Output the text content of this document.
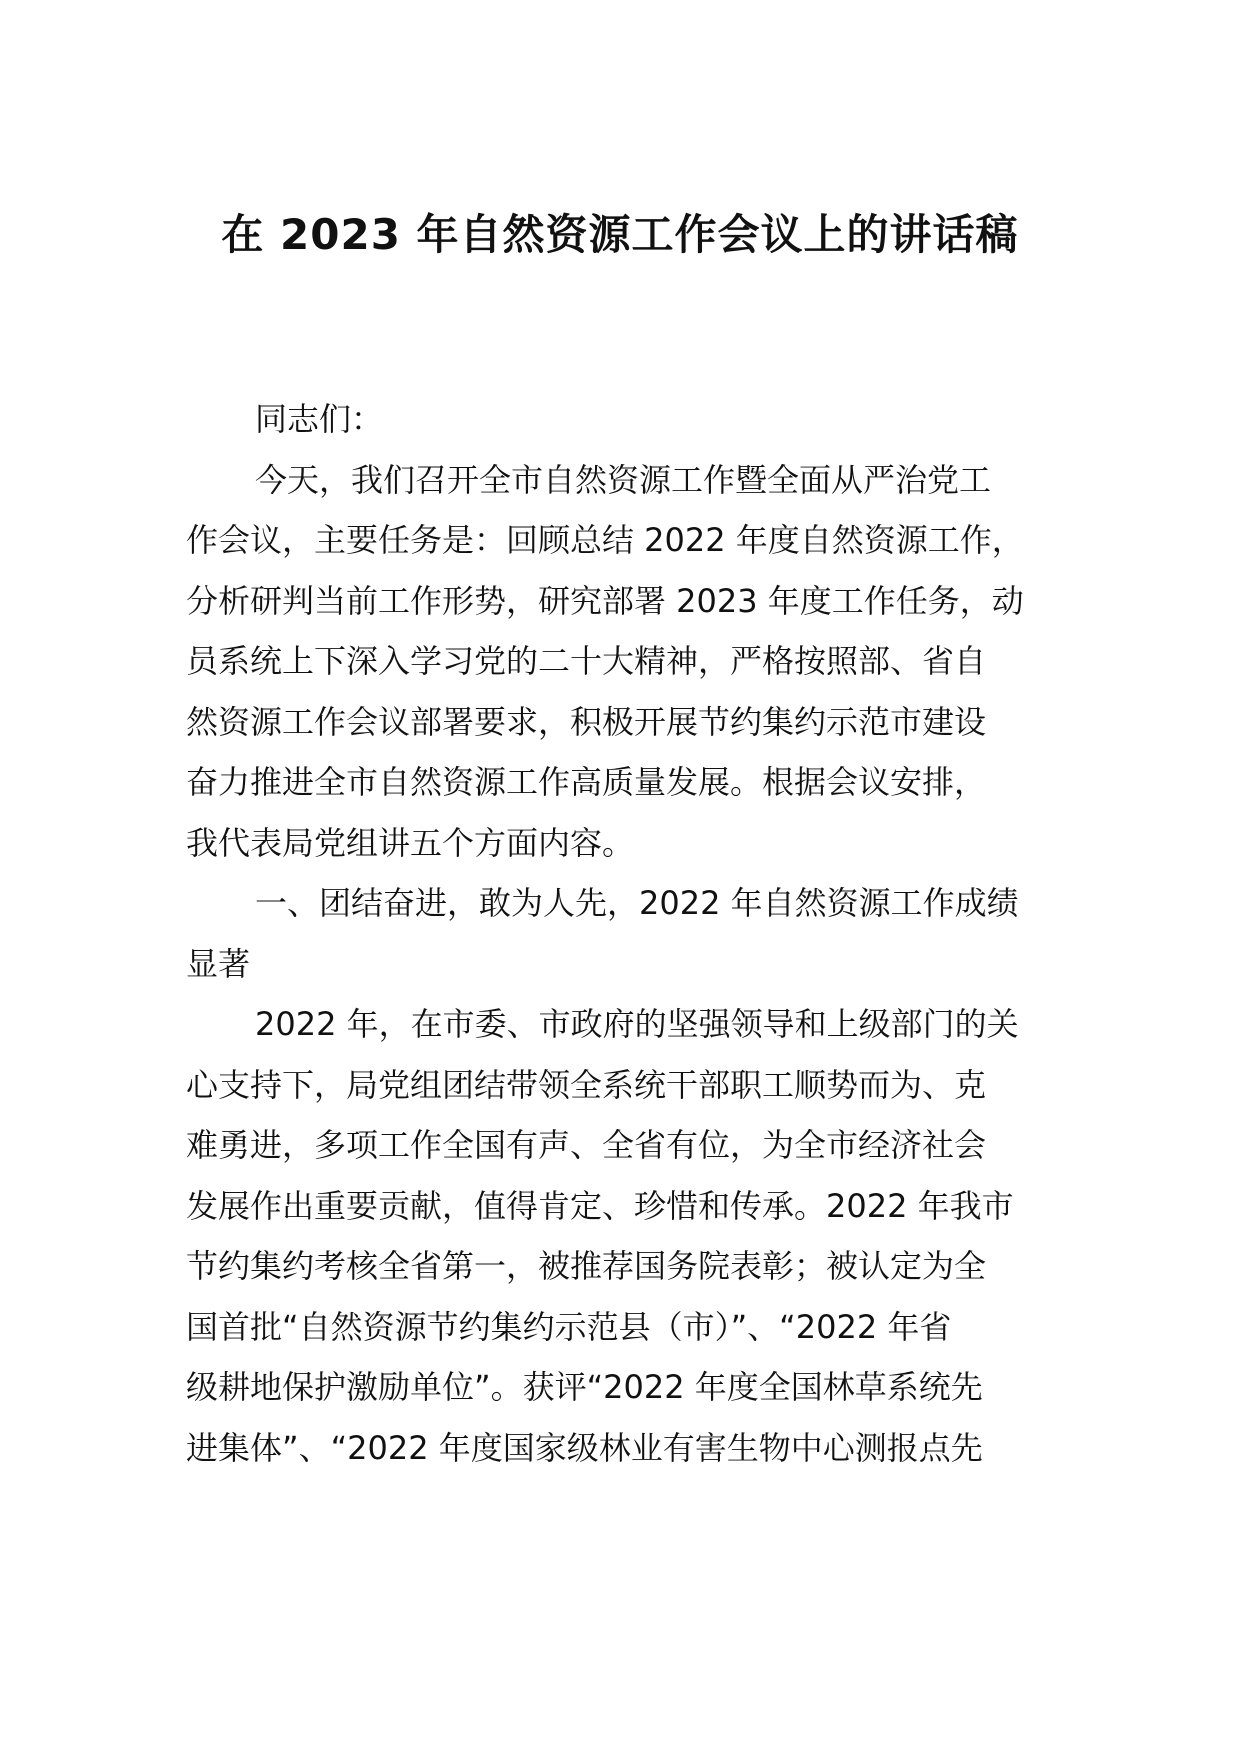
在 2023 年自然资源工作会议上的讲话稿

同志们：

今天，我们召开全市自然资源工作暨全面从严治党工

作会议，主要任务是：回顾总结 2022 年度自然资源工作，

分析研判当前工作形势，研究部署 2023 年度工作任务，动

员系统上下深入学习党的二十大精神，严格按照部、省自

然资源工作会议部署要求，积极开展节约集约示范市建设

奋力推进全市自然资源工作高质量发展。根据会议安排，

我代表局党组讲五个方面内容。

一、团结奋进，敢为人先，2022 年自然资源工作成绩

显著

2022 年，在市委、市政府的坚强领导和上级部门的关

心支持下，局党组团结带领全系统干部职工顺势而为、克

难勇进，多项工作全国有声、全省有位，为全市经济社会

发展作出重要贡献，值得肯定、珍惜和传承。2022 年我市

节约集约考核全省第一，被推荐国务院表彰；被认定为全

国首批“自然资源节约集约示范县（市）”、“2022 年省

级耕地保护激励单位”。获评“2022 年度全国林草系统先

进集体”、“2022 年度国家级林业有害生物中心测报点先
